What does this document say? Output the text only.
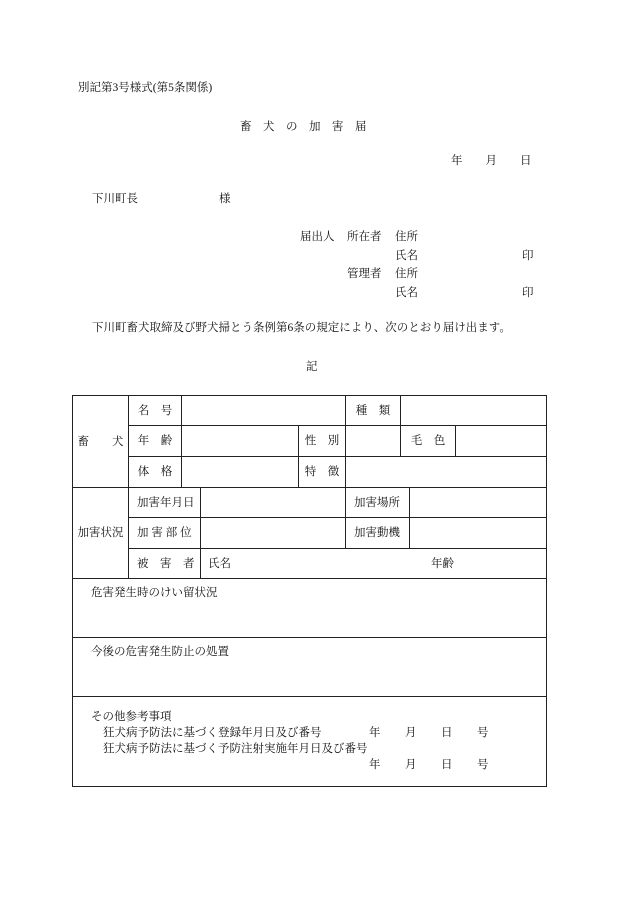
別記第3号様式(第5条関係)
畜　犬　の　加　害　届
年　　月　　日
下川町長	様
届出人 所在者 住所
氏名	印
管理者 住所
氏名	印
下川町畜犬取締及び野犬掃とう条例第6条の規定により、次のとおり届け出ます。
記
畜　　犬	名　号				種　類			
	年　齢			性　別		毛　色		
	体　格			特　徴				
加害状況	加害年月日				加害場所			
	加 害 部 位				加害動機			
	被　害　者		氏名 年齢					

危害発生時のけい留状況								

今後の危害発生防止の処置								

その他参考事項
狂犬病予防法に基づく登録年月日及び番号 年 月 日 号
狂犬病予防法に基づく予防注射実施年月日及び番号
年 月 日 号								
